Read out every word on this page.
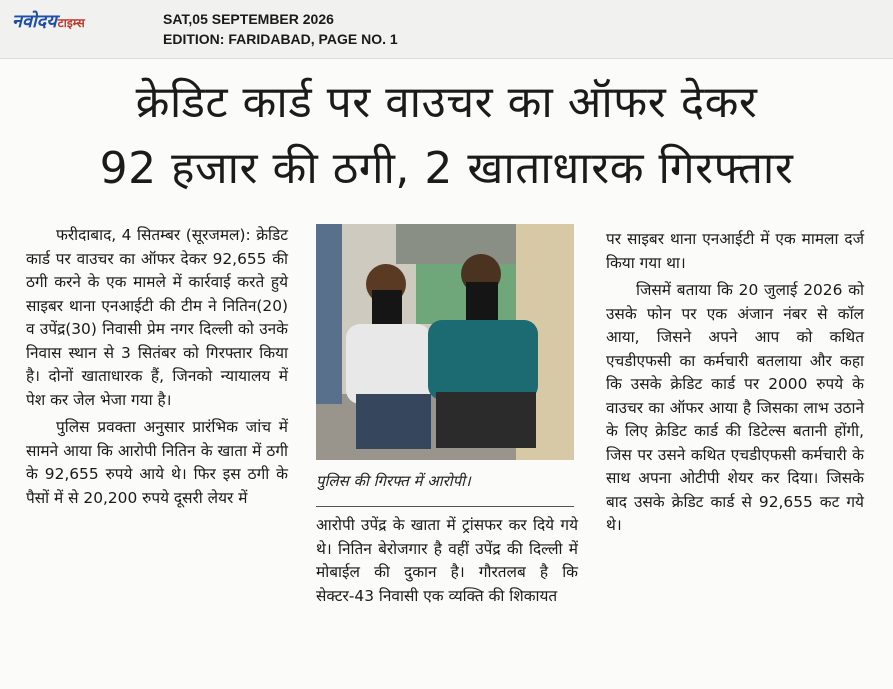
नवोदयटाइम्स	SAT,05 SEPTEMBER 2026
EDITION: FARIDABAD, PAGE NO. 1
क्रेडिट कार्ड पर वाउचर का ऑफर देकर
92 हजार की ठगी, 2 खाताधारक गिरफ्तार

फरीदाबाद, 4 सितम्बर (सूरजमल): क्रेडिट कार्ड पर वाउचर का ऑफर देकर 92,655 की ठगी करने के एक मामले में कार्रवाई करते हुये साइबर थाना एनआईटी की टीम ने नितिन(20) व उपेंद्र(30) निवासी प्रेम नगर दिल्ली को उनके निवास स्थान से 3 सितंबर को गिरफ्तार किया है। दोनों खाताधारक हैं, जिनको न्यायालय में पेश कर जेल भेजा गया है।

पुलिस प्रवक्ता अनुसार प्रारंभिक जांच में सामने आया कि आरोपी नितिन के खाता में ठगी के 92,655 रुपये आये थे। फिर इस ठगी के पैसों में से 20,200 रुपये दूसरी लेयर में

पुलिस की गिरफ्त में आरोपी।

आरोपी उपेंद्र के खाता में ट्रांसफर कर दिये गये थे। नितिन बेरोजगार है वहीं उपेंद्र की दिल्ली में मोबाईल की दुकान है। गौरतलब है कि सेक्टर-43 निवासी एक व्यक्ति की शिकायत

पर साइबर थाना एनआईटी में एक मामला दर्ज किया गया था।

जिसमें बताया कि 20 जुलाई 2026 को उसके फोन पर एक अंजान नंबर से कॉल आया, जिसने अपने आप को कथित एचडीएफसी का कर्मचारी बतलाया और कहा कि उसके क्रेडिट कार्ड पर 2000 रुपये के वाउचर का ऑफर आया है जिसका लाभ उठाने के लिए क्रेडिट कार्ड की डिटेल्स बतानी होंगी, जिस पर उसने कथित एचडीएफसी कर्मचारी के साथ अपना ओटीपी शेयर कर दिया। जिसके बाद उसके क्रेडिट कार्ड से 92,655 कट गये थे।
